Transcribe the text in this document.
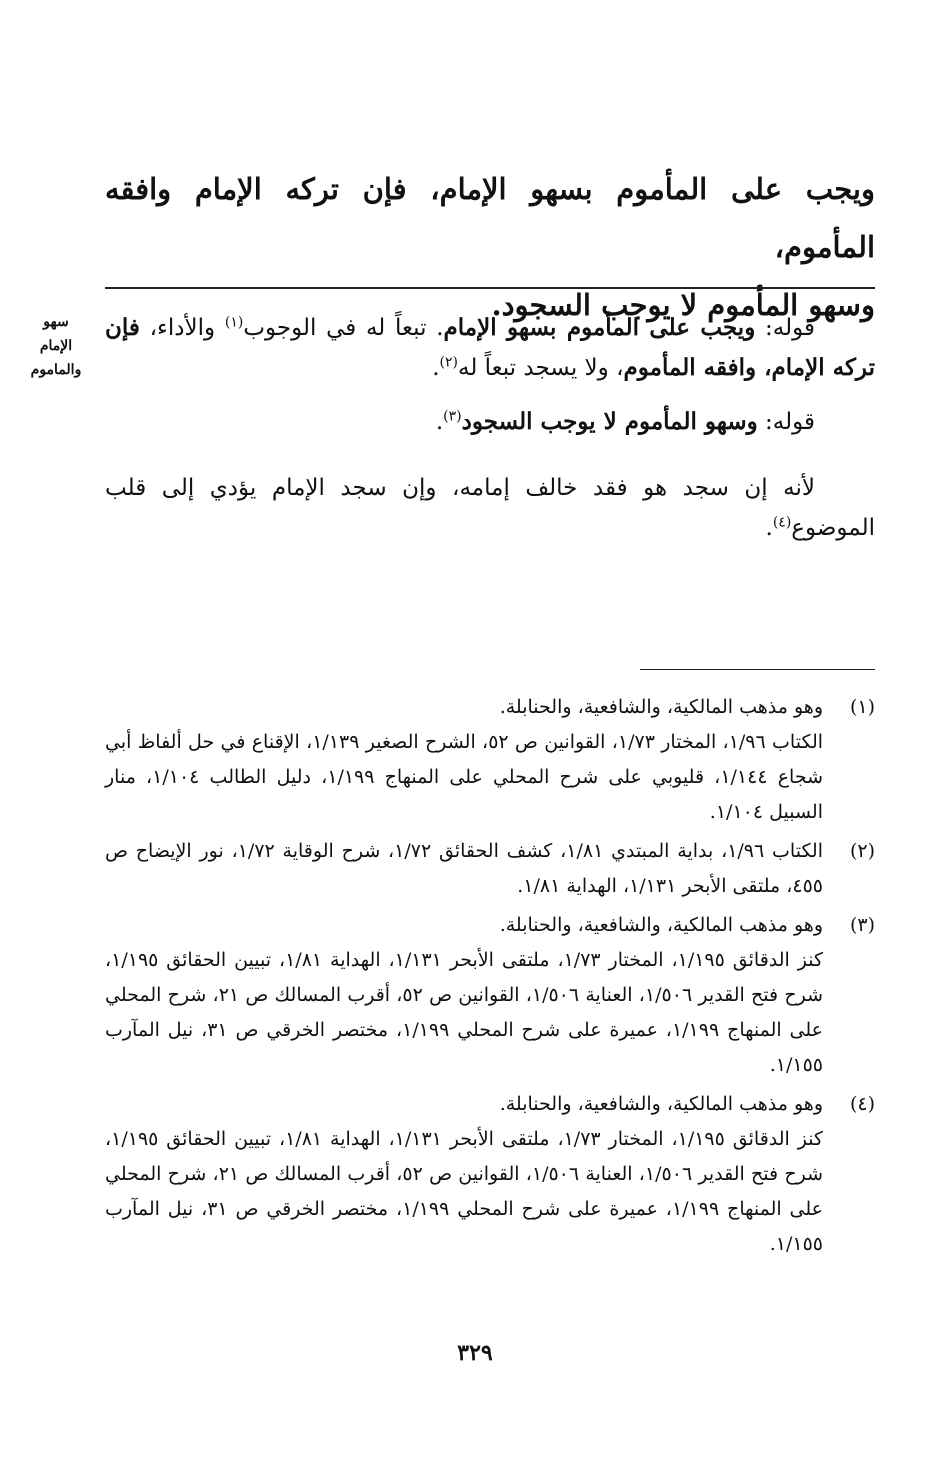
ويجب على المأموم بسهو الإمام، فإن تركه الإمام وافقه المأموم،
وسهو المأموم لا يوجب السجود.
سهو
الإمام
والماموم

قوله: ويجب على المأموم بسهو الإمام. تبعاً له في الوجوب$^{(١)}$ والأداء، فإن تركه الإمام، وافقه المأموم، ولا يسجد تبعاً له$^{(٢)}$.

قوله: وسهو المأموم لا يوجب السجود$^{(٣)}$.

لأنه إن سجد هو فقد خالف إمامه، وإن سجد الإمام يؤدي إلى قلب الموضوع$^{(٤)}$.

(١)

وهو مذهب المالكية، والشافعية، والحنابلة.

الكتاب ١/٩٦، المختار ١/٧٣، القوانين ص ٥٢، الشرح الصغير ١/١٣٩، الإقناع في حل ألفاظ أبي شجاع ١/١٤٤، قليوبي على شرح المحلي على المنهاج ١/١٩٩، دليل الطالب ١/١٠٤، منار السبيل ١/١٠٤.

(٢)

الكتاب ١/٩٦، بداية المبتدي ١/٨١، كشف الحقائق ١/٧٢، شرح الوقاية ١/٧٢، نور الإيضاح ص ٤٥٥، ملتقى الأبحر ١/١٣١، الهداية ١/٨١.

(٣)

وهو مذهب المالكية، والشافعية، والحنابلة.

كنز الدقائق ١/١٩٥، المختار ١/٧٣، ملتقى الأبحر ١/١٣١، الهداية ١/٨١، تبيين الحقائق ١/١٩٥، شرح فتح القدير ١/٥٠٦، العناية ١/٥٠٦، القوانين ص ٥٢، أقرب المسالك ص ٢١، شرح المحلي على المنهاج ١/١٩٩، عميرة على شرح المحلي ١/١٩٩، مختصر الخرقي ص ٣١، نيل المآرب ١/١٥٥.

(٤)

وهو مذهب المالكية، والشافعية، والحنابلة.

كنز الدقائق ١/١٩٥، المختار ١/٧٣، ملتقى الأبحر ١/١٣١، الهداية ١/٨١، تبيين الحقائق ١/١٩٥، شرح فتح القدير ١/٥٠٦، العناية ١/٥٠٦، القوانين ص ٥٢، أقرب المسالك ص ٢١، شرح المحلي على المنهاج ١/١٩٩، عميرة على شرح المحلي ١/١٩٩، مختصر الخرقي ص ٣١، نيل المآرب ١/١٥٥.

٣٢٩
